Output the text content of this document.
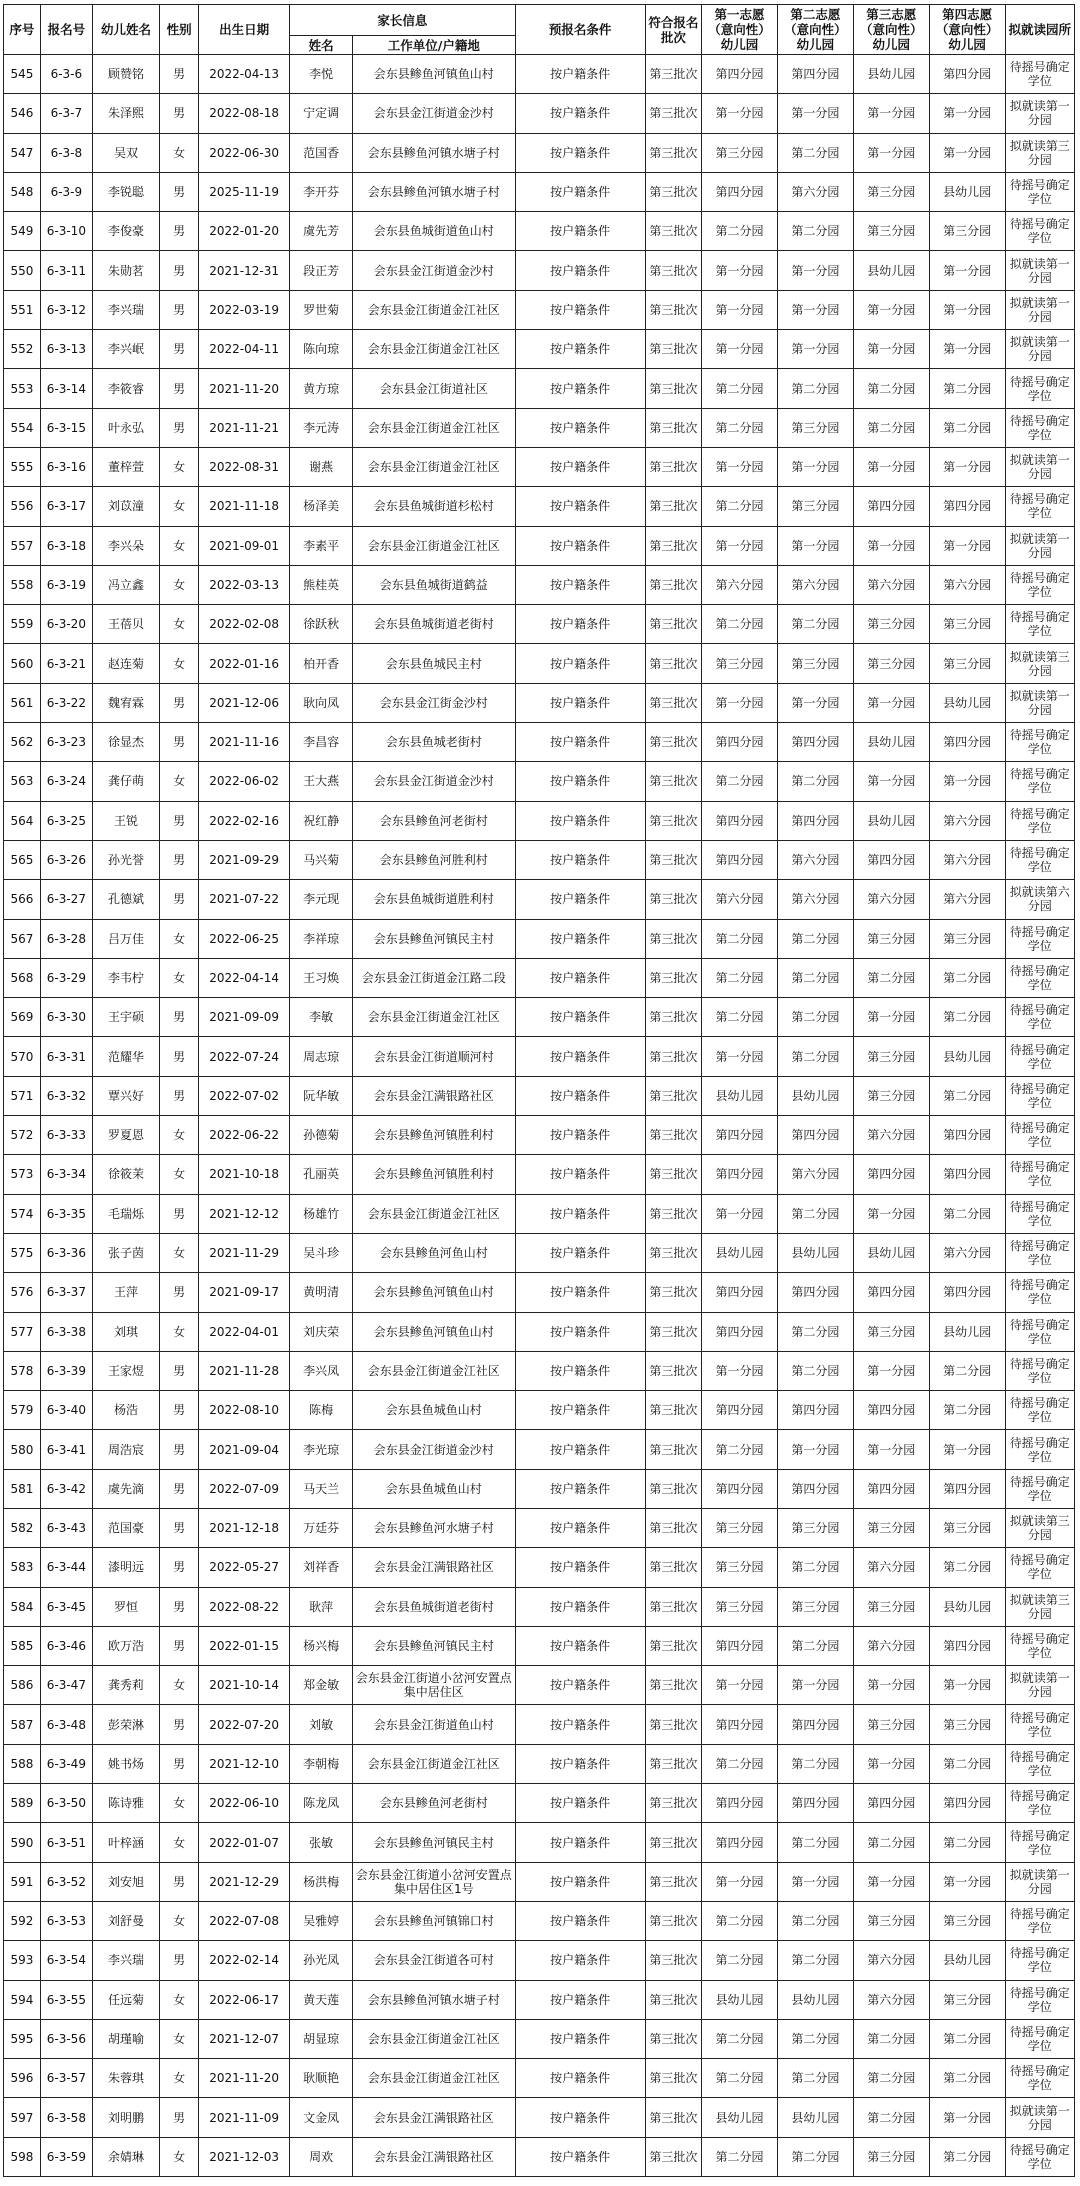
序号	报名号	幼儿姓名	性别	出生日期	家长信息		预报名条件	符合报名批次	第一志愿（意向性）幼儿园	第二志愿（意向性）幼儿园	第三志愿（意向性）幼儿园	第四志愿（意向性）幼儿园	拟就读园所
					姓名	工作单位/户籍地							
545	6-3-6	顾赞铭	男	2022-04-13	李悦	会东县鲹鱼河镇鱼山村	按户籍条件	第三批次	第四分园	第四分园	县幼儿园	第四分园	待摇号确定学位
546	6-3-7	朱泽熙	男	2022-08-18	宁定调	会东县金江街道金沙村	按户籍条件	第三批次	第一分园	第一分园	第一分园	第一分园	拟就读第一分园
547	6-3-8	吴双	女	2022-06-30	范国香	会东县鲹鱼河镇水塘子村	按户籍条件	第三批次	第三分园	第二分园	第一分园	第一分园	拟就读第三分园
548	6-3-9	李锐聪	男	2025-11-19	李开芬	会东县鲹鱼河镇水塘子村	按户籍条件	第三批次	第四分园	第六分园	第三分园	县幼儿园	待摇号确定学位
549	6-3-10	李俊豪	男	2022-01-20	虞先芳	会东县鱼城街道鱼山村	按户籍条件	第三批次	第二分园	第二分园	第三分园	第三分园	待摇号确定学位
550	6-3-11	朱勋茗	男	2021-12-31	段正芳	会东县金江街道金沙村	按户籍条件	第三批次	第一分园	第一分园	县幼儿园	第一分园	拟就读第一分园
551	6-3-12	李兴瑞	男	2022-03-19	罗世菊	会东县金江街道金江社区	按户籍条件	第三批次	第一分园	第一分园	第一分园	第一分园	拟就读第一分园
552	6-3-13	李兴岷	男	2022-04-11	陈向琼	会东县金江街道金江社区	按户籍条件	第三批次	第一分园	第一分园	第一分园	第一分园	拟就读第一分园
553	6-3-14	李筱睿	男	2021-11-20	黄方琼	会东县金江街道社区	按户籍条件	第三批次	第二分园	第二分园	第二分园	第二分园	待摇号确定学位
554	6-3-15	叶永弘	男	2021-11-21	李元涛	会东县金江街道金江社区	按户籍条件	第三批次	第二分园	第三分园	第二分园	第二分园	待摇号确定学位
555	6-3-16	董梓萱	女	2022-08-31	谢燕	会东县金江街道金江社区	按户籍条件	第三批次	第一分园	第一分园	第一分园	第一分园	拟就读第一分园
556	6-3-17	刘苡潼	女	2021-11-18	杨泽美	会东县鱼城街道杉松村	按户籍条件	第三批次	第二分园	第三分园	第四分园	第四分园	待摇号确定学位
557	6-3-18	李兴朵	女	2021-09-01	李素平	会东县金江街道金江社区	按户籍条件	第三批次	第一分园	第一分园	第一分园	第一分园	拟就读第一分园
558	6-3-19	冯立鑫	女	2022-03-13	熊桂英	会东县鱼城街道鹤益	按户籍条件	第三批次	第六分园	第六分园	第六分园	第六分园	待摇号确定学位
559	6-3-20	王蓓贝	女	2022-02-08	徐跃秋	会东县鱼城街道老街村	按户籍条件	第三批次	第二分园	第二分园	第三分园	第三分园	待摇号确定学位
560	6-3-21	赵连菊	女	2022-01-16	柏开香	会东县鱼城民主村	按户籍条件	第三批次	第三分园	第三分园	第三分园	第三分园	拟就读第三分园
561	6-3-22	魏宥霖	男	2021-12-06	耿向凤	会东县金江街金沙村	按户籍条件	第三批次	第一分园	第一分园	第一分园	县幼儿园	拟就读第一分园
562	6-3-23	徐显杰	男	2021-11-16	李昌容	会东县鱼城老街村	按户籍条件	第三批次	第四分园	第四分园	县幼儿园	第四分园	待摇号确定学位
563	6-3-24	龚仔萌	女	2022-06-02	王大燕	会东县金江街道金沙村	按户籍条件	第三批次	第二分园	第二分园	第一分园	第一分园	待摇号确定学位
564	6-3-25	王锐	男	2022-02-16	祝红静	会东县鲹鱼河老街村	按户籍条件	第三批次	第四分园	第四分园	县幼儿园	第六分园	待摇号确定学位
565	6-3-26	孙光誉	男	2021-09-29	马兴菊	会东县鲹鱼河胜利村	按户籍条件	第三批次	第四分园	第六分园	第四分园	第六分园	待摇号确定学位
566	6-3-27	孔德斌	男	2021-07-22	李元现	会东县鱼城街道胜利村	按户籍条件	第三批次	第六分园	第六分园	第六分园	第六分园	拟就读第六分园
567	6-3-28	吕万佳	女	2022-06-25	李祥琼	会东县鲹鱼河镇民主村	按户籍条件	第三批次	第二分园	第二分园	第三分园	第三分园	待摇号确定学位
568	6-3-29	李韦柠	女	2022-04-14	王习焕	会东县金江街道金江路二段	按户籍条件	第三批次	第二分园	第二分园	第二分园	第二分园	待摇号确定学位
569	6-3-30	王宇硕	男	2021-09-09	李敏	会东县金江街道金江社区	按户籍条件	第三批次	第二分园	第二分园	第一分园	第二分园	待摇号确定学位
570	6-3-31	范耀华	男	2022-07-24	周志琼	会东县金江街道顺河村	按户籍条件	第三批次	第一分园	第二分园	第三分园	县幼儿园	待摇号确定学位
571	6-3-32	覃兴好	男	2022-07-02	阮华敏	会东县金江满银路社区	按户籍条件	第三批次	县幼儿园	县幼儿园	第三分园	第二分园	待摇号确定学位
572	6-3-33	罗夏恩	女	2022-06-22	孙德菊	会东县鲹鱼河镇胜利村	按户籍条件	第三批次	第四分园	第四分园	第六分园	第四分园	待摇号确定学位
573	6-3-34	徐筱茉	女	2021-10-18	孔丽英	会东县鲹鱼河镇胜利村	按户籍条件	第三批次	第四分园	第六分园	第四分园	第四分园	待摇号确定学位
574	6-3-35	毛瑞烁	男	2021-12-12	杨雄竹	会东县金江街道金江社区	按户籍条件	第三批次	第一分园	第二分园	第一分园	第二分园	待摇号确定学位
575	6-3-36	张子茵	女	2021-11-29	吴斗珍	会东县鲹鱼河鱼山村	按户籍条件	第三批次	县幼儿园	县幼儿园	县幼儿园	第六分园	待摇号确定学位
576	6-3-37	王萍	男	2021-09-17	黄明清	会东县鲹鱼河镇鱼山村	按户籍条件	第三批次	第四分园	第四分园	第四分园	第四分园	待摇号确定学位
577	6-3-38	刘琪	女	2022-04-01	刘庆荣	会东县鲹鱼河镇鱼山村	按户籍条件	第三批次	第四分园	第二分园	第三分园	县幼儿园	待摇号确定学位
578	6-3-39	王家煜	男	2021-11-28	李兴凤	会东县金江街道金江社区	按户籍条件	第三批次	第一分园	第二分园	第一分园	第二分园	待摇号确定学位
579	6-3-40	杨浩	男	2022-08-10	陈梅	会东县鱼城鱼山村	按户籍条件	第三批次	第四分园	第四分园	第四分园	第二分园	待摇号确定学位
580	6-3-41	周浩宸	男	2021-09-04	李光琼	会东县金江街道金沙村	按户籍条件	第三批次	第二分园	第一分园	第一分园	第一分园	待摇号确定学位
581	6-3-42	虞先滴	男	2022-07-09	马天兰	会东县鱼城鱼山村	按户籍条件	第三批次	第四分园	第四分园	第四分园	第四分园	待摇号确定学位
582	6-3-43	范国豪	男	2021-12-18	万廷芬	会东县鲹鱼河水塘子村	按户籍条件	第三批次	第三分园	第三分园	第三分园	第三分园	拟就读第三分园
583	6-3-44	漆明远	男	2022-05-27	刘祥香	会东县金江满银路社区	按户籍条件	第三批次	第三分园	第二分园	第六分园	第二分园	待摇号确定学位
584	6-3-45	罗恒	男	2022-08-22	耿萍	会东县鱼城街道老街村	按户籍条件	第三批次	第三分园	第三分园	第三分园	县幼儿园	拟就读第三分园
585	6-3-46	欧万浩	男	2022-01-15	杨兴梅	会东县鲹鱼河镇民主村	按户籍条件	第三批次	第四分园	第二分园	第六分园	第四分园	待摇号确定学位
586	6-3-47	龚秀莉	女	2021-10-14	郑金敏	会东县金江街道小岔河安置点集中居住区	按户籍条件	第三批次	第一分园	第一分园	第一分园	第一分园	拟就读第一分园
587	6-3-48	彭荣淋	男	2022-07-20	刘敏	会东县金江街道鱼山村	按户籍条件	第三批次	第四分园	第四分园	第三分园	第三分园	待摇号确定学位
588	6-3-49	姚书炀	男	2021-12-10	李朝梅	会东县金江街道金江社区	按户籍条件	第三批次	第二分园	第二分园	第一分园	第二分园	待摇号确定学位
589	6-3-50	陈诗雅	女	2022-06-10	陈龙凤	会东县鲹鱼河老街村	按户籍条件	第三批次	第四分园	第四分园	第四分园	第四分园	待摇号确定学位
590	6-3-51	叶梓涵	女	2022-01-07	张敏	会东县鲹鱼河镇民主村	按户籍条件	第三批次	第四分园	第二分园	第二分园	第二分园	待摇号确定学位
591	6-3-52	刘安旭	男	2021-12-29	杨洪梅	会东县金江街道小岔河安置点集中居住区1号	按户籍条件	第三批次	第一分园	第一分园	第一分园	第一分园	拟就读第一分园
592	6-3-53	刘舒曼	女	2022-07-08	吴雅婷	会东县鲹鱼河镇锦口村	按户籍条件	第三批次	第二分园	第二分园	第三分园	第三分园	待摇号确定学位
593	6-3-54	李兴瑞	男	2022-02-14	孙光凤	会东县金江街道各可村	按户籍条件	第三批次	第二分园	第二分园	第六分园	县幼儿园	待摇号确定学位
594	6-3-55	任远菊	女	2022-06-17	黄天莲	会东县鲹鱼河镇水塘子村	按户籍条件	第三批次	县幼儿园	县幼儿园	第六分园	第三分园	待摇号确定学位
595	6-3-56	胡瑾喻	女	2021-12-07	胡显琼	会东县金江街道金江社区	按户籍条件	第三批次	第二分园	第二分园	第二分园	第二分园	待摇号确定学位
596	6-3-57	朱蓉琪	女	2021-11-20	耿顺艳	会东县金江街道金江社区	按户籍条件	第三批次	第二分园	第二分园	第二分园	第二分园	待摇号确定学位
597	6-3-58	刘明鹏	男	2021-11-09	文金凤	会东县金江满银路社区	按户籍条件	第三批次	县幼儿园	县幼儿园	第二分园	第一分园	拟就读第一分园
598	6-3-59	余婧琳	女	2021-12-03	周欢	会东县金江满银路社区	按户籍条件	第三批次	第二分园	第二分园	第三分园	第二分园	待摇号确定学位
